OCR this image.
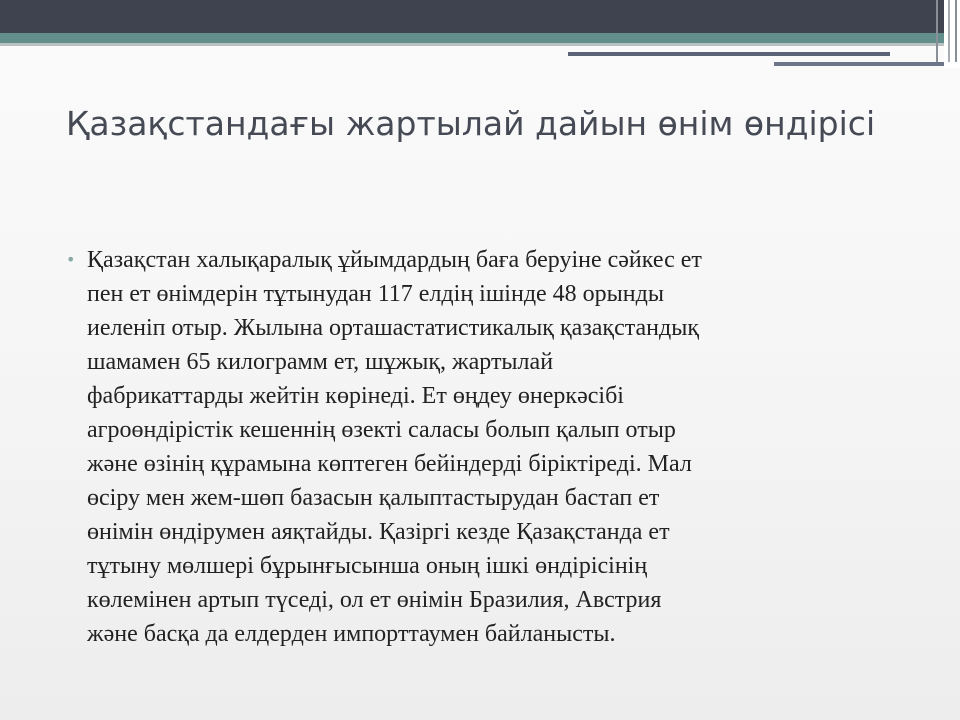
Қазақстандағы жартылай дайын өнім өндірісі
• Қазақстан халықаралық ұйымдардың баға беруіне сәйкес ет
пен ет өнімдерін тұтынудан 117 елдің ішінде 48 орынды
иеленіп отыр. Жылына орташастатистикалық қазақстандық
шамамен 65 килограмм ет, шұжық, жартылай
фабрикаттарды жейтін көрінеді. Ет өңдеу өнеркәсібі
агроөндірістік кешеннің өзекті саласы болып қалып отыр
және өзінің құрамына көптеген бейіндерді біріктіреді. Мал
өсіру мен жем-шөп базасын қалыптастырудан бастап ет
өнімін өндірумен аяқтайды. Қазіргі кезде Қазақстанда ет
тұтыну мөлшері бұрынғысынша оның ішкі өндірісінің
көлемінен артып түседі, ол ет өнімін Бразилия, Австрия
және басқа да елдерден импорттаумен байланысты.
